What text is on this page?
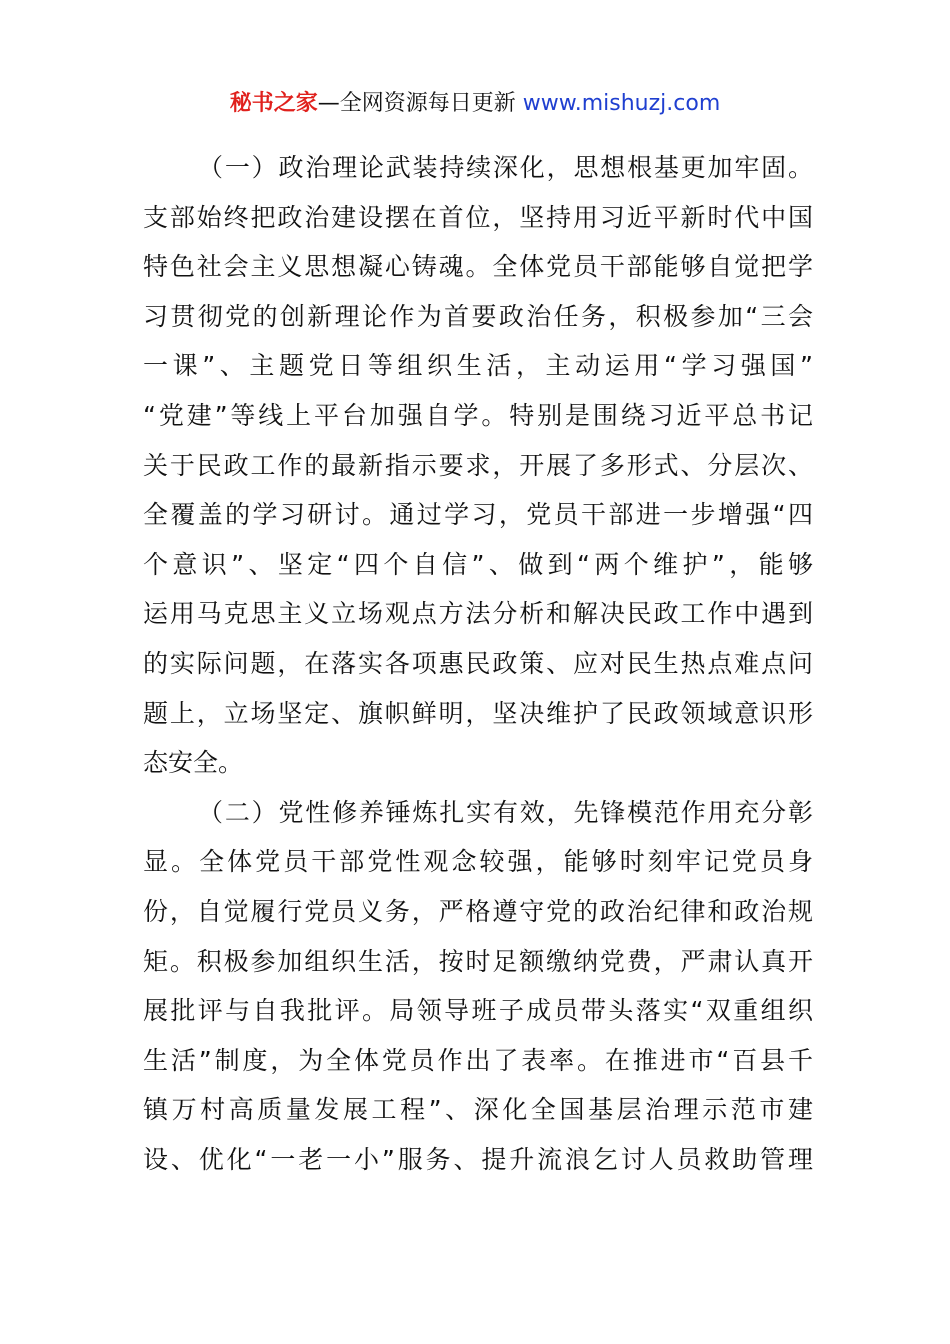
秘书之家—全网资源每日更新 www.mishuzj.com
（一）政治理论武装持续深化，思想根基更加牢固。
支部始终把政治建设摆在首位，坚持用习近平新时代中国
特色社会主义思想凝心铸魂。全体党员干部能够自觉把学
习贯彻党的创新理论作为首要政治任务，积极参加“三会
一课”、主题党日等组织生活，主动运用“学习强国”
“党建”等线上平台加强自学。特别是围绕习近平总书记
关于民政工作的最新指示要求，开展了多形式、分层次、
全覆盖的学习研讨。通过学习，党员干部进一步增强“四
个意识”、坚定“四个自信”、做到“两个维护”，能够
运用马克思主义立场观点方法分析和解决民政工作中遇到
的实际问题，在落实各项惠民政策、应对民生热点难点问
题上，立场坚定、旗帜鲜明，坚决维护了民政领域意识形
态安全。
（二）党性修养锤炼扎实有效，先锋模范作用充分彰
显。全体党员干部党性观念较强，能够时刻牢记党员身
份，自觉履行党员义务，严格遵守党的政治纪律和政治规
矩。积极参加组织生活，按时足额缴纳党费，严肃认真开
展批评与自我批评。局领导班子成员带头落实“双重组织
生活”制度，为全体党员作出了表率。在推进市“百县千
镇万村高质量发展工程”、深化全国基层治理示范市建
设、优化“一老一小”服务、提升流浪乞讨人员救助管理
